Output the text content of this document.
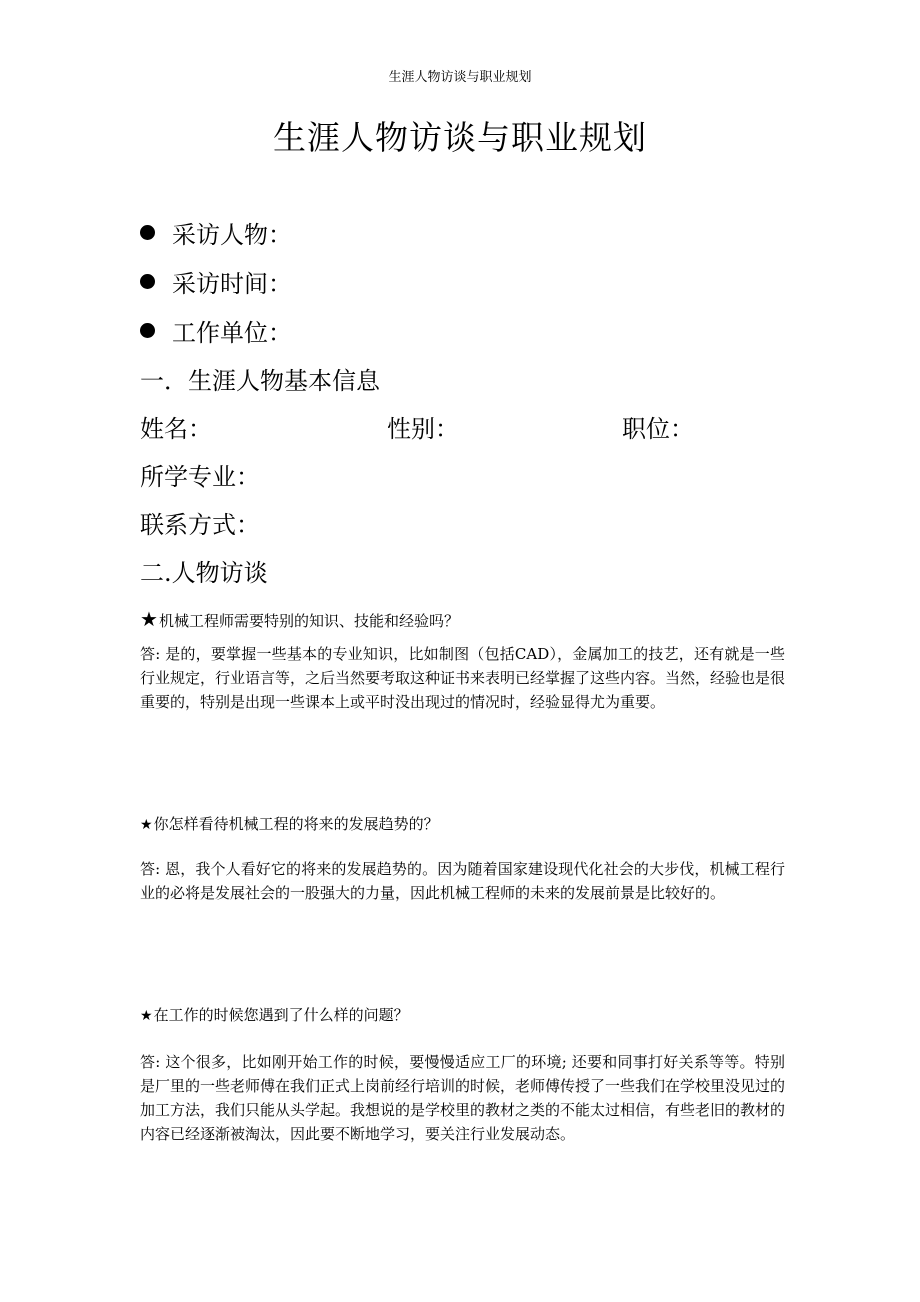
生涯人物访谈与职业规划
生涯人物访谈与职业规划
采访人物：
采访时间：
工作单位：
一．生涯人物基本信息
姓名：	性别：	职位：
所学专业：
联系方式：
二.人物访谈
★ 机械工程师需要特别的知识、技能和经验吗？
答: 是的，要掌握一些基本的专业知识，比如制图（包括CAD），金属加工的技艺，还有就是一些行业规定，行业语言等，之后当然要考取这种证书来表明已经掌握了这些内容。当然，经验也是很重要的，特别是出现一些课本上或平时没出现过的情况时，经验显得尤为重要。
★ 你怎样看待机械工程的将来的发展趋势的？
答: 恩，我个人看好它的将来的发展趋势的。因为随着国家建设现代化社会的大步伐，机械工程行业的必将是发展社会的一股强大的力量，因此机械工程师的未来的发展前景是比较好的。
★ 在工作的时候您遇到了什么样的问题？
答: 这个很多，比如刚开始工作的时候，要慢慢适应工厂的环境; 还要和同事打好关系等等。特别是厂里的一些老师傅在我们正式上岗前经行培训的时候，老师傅传授了一些我们在学校里没见过的加工方法，我们只能从头学起。我想说的是学校里的教材之类的不能太过相信，有些老旧的教材的内容已经逐渐被淘汰，因此要不断地学习，要关注行业发展动态。
